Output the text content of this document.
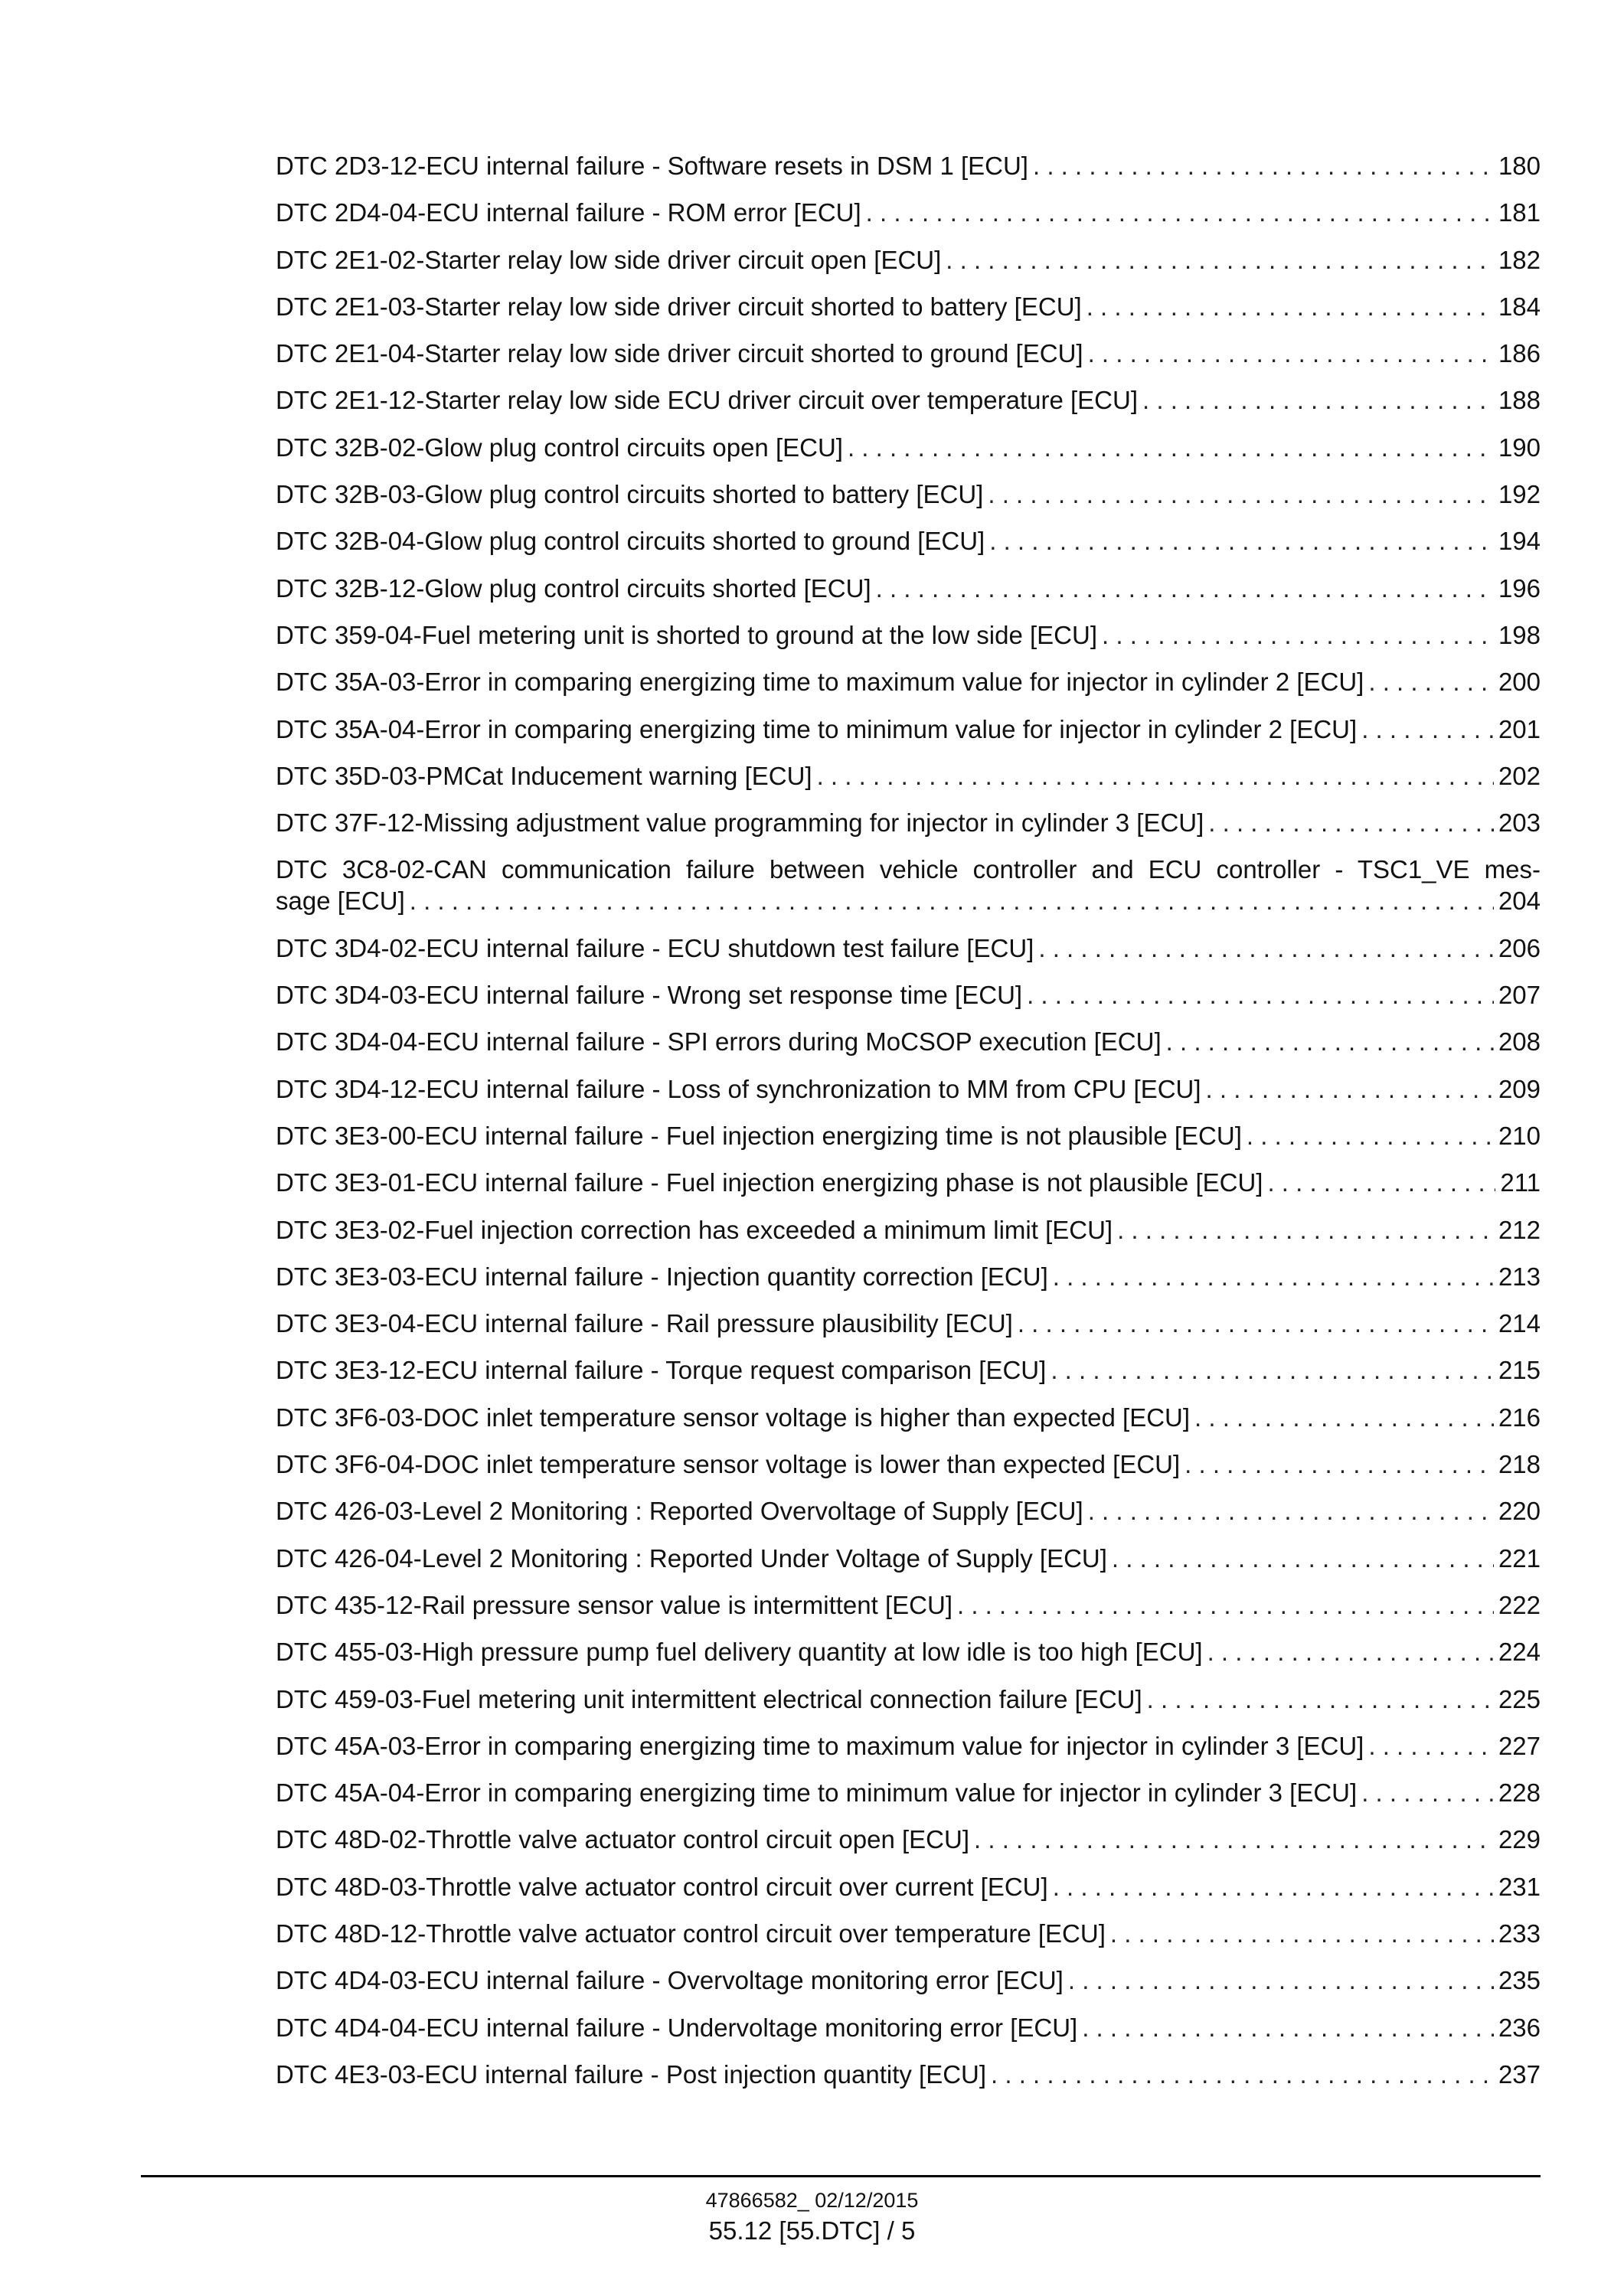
DTC 2D3-12-ECU internal failure - Software resets in DSM 1 [ECU] . . .	180
DTC 2D4-04-ECU internal failure - ROM error [ECU] . . .	181
DTC 2E1-02-Starter relay low side driver circuit open [ECU] . . .	182
DTC 2E1-03-Starter relay low side driver circuit shorted to battery [ECU] . . .	184
DTC 2E1-04-Starter relay low side driver circuit shorted to ground [ECU] . . .	186
DTC 2E1-12-Starter relay low side ECU driver circuit over temperature [ECU] . . .	188
DTC 32B-02-Glow plug control circuits open [ECU] . . .	190
DTC 32B-03-Glow plug control circuits shorted to battery [ECU] . . .	192
DTC 32B-04-Glow plug control circuits shorted to ground [ECU] . . .	194
DTC 32B-12-Glow plug control circuits shorted [ECU] . . .	196
DTC 359-04-Fuel metering unit is shorted to ground at the low side [ECU] . . .	198
DTC 35A-03-Error in comparing energizing time to maximum value for injector in cylinder 2 [ECU] . . .	200
DTC 35A-04-Error in comparing energizing time to minimum value for injector in cylinder 2 [ECU] . . .	201
DTC 35D-03-PMCat Inducement warning [ECU] . . .	202
DTC 37F-12-Missing adjustment value programming for injector in cylinder 3 [ECU] . . .	203
DTC 3C8-02-CAN communication failure between vehicle controller and ECU controller - TSC1_VE mes-
sage [ECU] . . .	204
DTC 3D4-02-ECU internal failure - ECU shutdown test failure [ECU] . . .	206
DTC 3D4-03-ECU internal failure - Wrong set response time [ECU] . . .	207
DTC 3D4-04-ECU internal failure - SPI errors during MoCSOP execution [ECU] . . .	208
DTC 3D4-12-ECU internal failure - Loss of synchronization to MM from CPU [ECU] . . .	209
DTC 3E3-00-ECU internal failure - Fuel injection energizing time is not plausible [ECU] . . .	210
DTC 3E3-01-ECU internal failure - Fuel injection energizing phase is not plausible [ECU] . . .	211
DTC 3E3-02-Fuel injection correction has exceeded a minimum limit [ECU] . . .	212
DTC 3E3-03-ECU internal failure - Injection quantity correction [ECU] . . .	213
DTC 3E3-04-ECU internal failure - Rail pressure plausibility [ECU] . . .	214
DTC 3E3-12-ECU internal failure - Torque request comparison [ECU] . . .	215
DTC 3F6-03-DOC inlet temperature sensor voltage is higher than expected [ECU] . . .	216
DTC 3F6-04-DOC inlet temperature sensor voltage is lower than expected [ECU] . . .	218
DTC 426-03-Level 2 Monitoring : Reported Overvoltage of Supply [ECU] . . .	220
DTC 426-04-Level 2 Monitoring : Reported Under Voltage of Supply [ECU] . . .	221
DTC 435-12-Rail pressure sensor value is intermittent [ECU] . . .	222
DTC 455-03-High pressure pump fuel delivery quantity at low idle is too high [ECU] . . .	224
DTC 459-03-Fuel metering unit intermittent electrical connection failure [ECU] . . .	225
DTC 45A-03-Error in comparing energizing time to maximum value for injector in cylinder 3 [ECU] . . .	227
DTC 45A-04-Error in comparing energizing time to minimum value for injector in cylinder 3 [ECU] . . .	228
DTC 48D-02-Throttle valve actuator control circuit open [ECU] . . .	229
DTC 48D-03-Throttle valve actuator control circuit over current [ECU] . . .	231
DTC 48D-12-Throttle valve actuator control circuit over temperature [ECU] . . .	233
DTC 4D4-03-ECU internal failure - Overvoltage monitoring error [ECU] . . .	235
DTC 4D4-04-ECU internal failure - Undervoltage monitoring error [ECU] . . .	236
DTC 4E3-03-ECU internal failure - Post injection quantity [ECU] . . .	237
47866582_ 02/12/2015
55.12 [55.DTC] / 5
